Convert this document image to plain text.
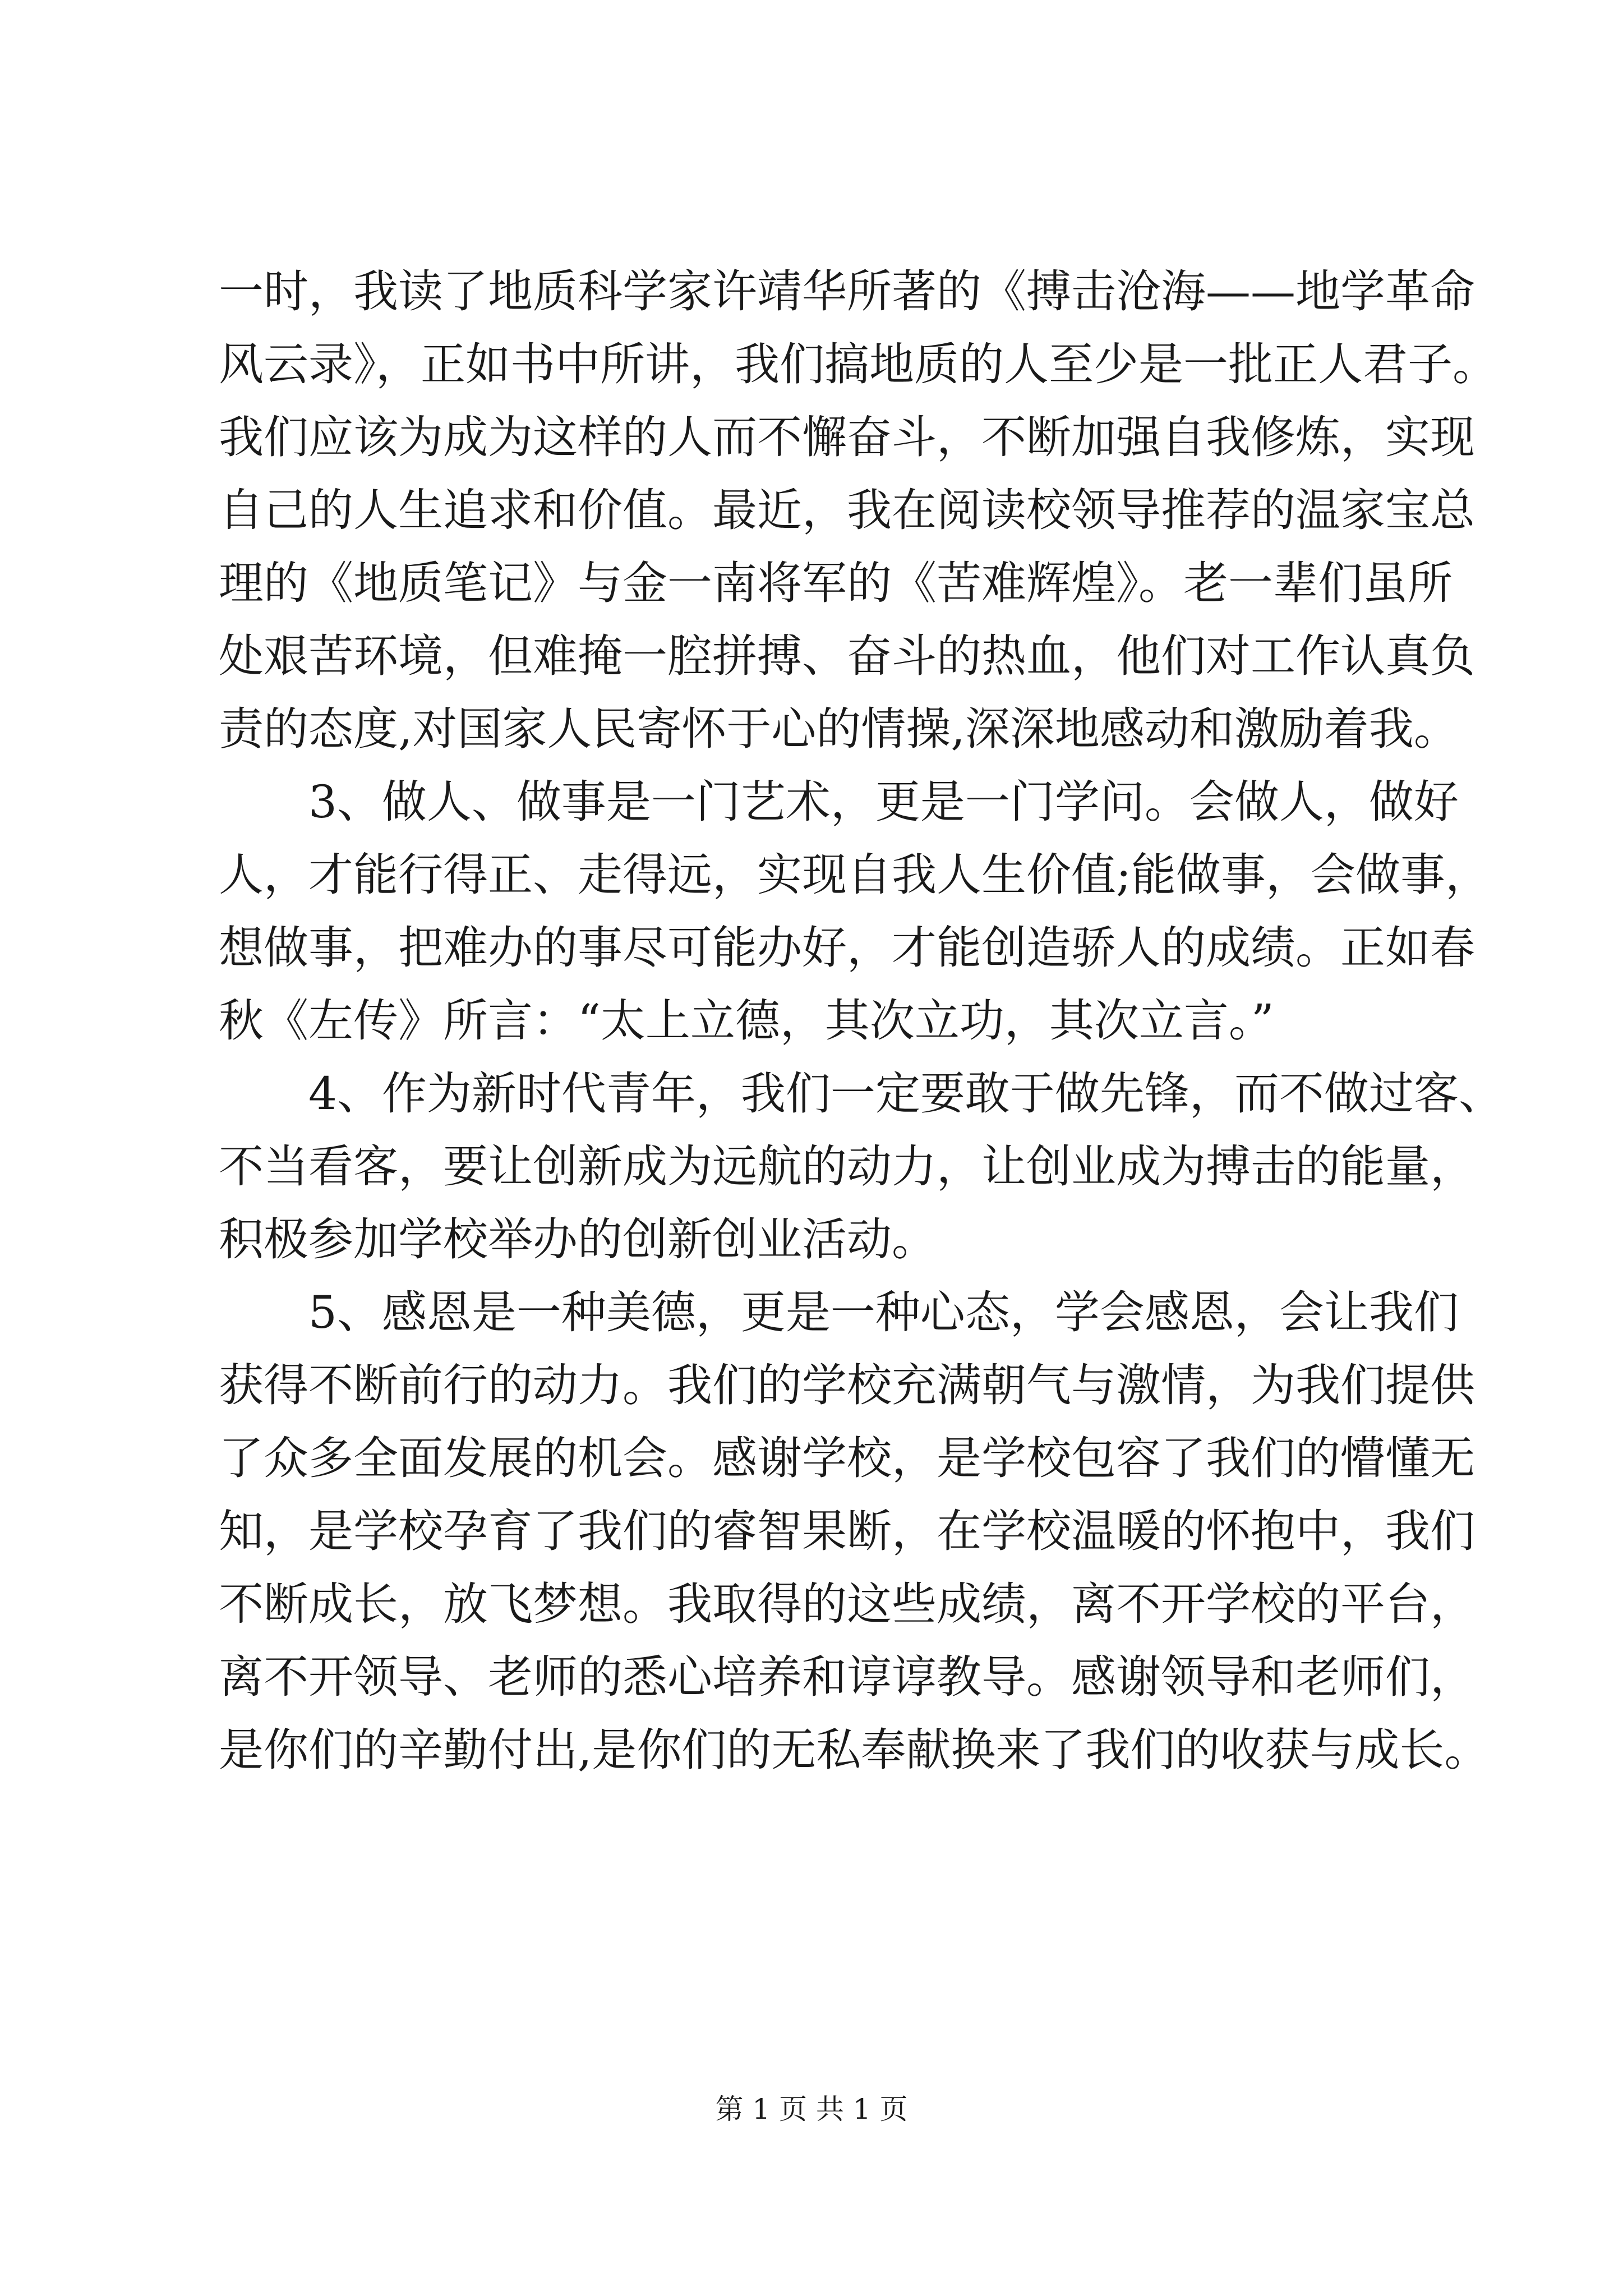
一时，我读了地质科学家许靖华所著的《搏击沧海——地学革命
风云录》，正如书中所讲，我们搞地质的人至少是一批正人君子。
我们应该为成为这样的人而不懈奋斗，不断加强自我修炼，实现
自己的人生追求和价值。最近，我在阅读校领导推荐的温家宝总
理的《地质笔记》与金一南将军的《苦难辉煌》。老一辈们虽所
处艰苦环境，但难掩一腔拼搏、奋斗的热血，他们对工作认真负
责的态度,对国家人民寄怀于心的情操,深深地感动和激励着我。
3、做人、做事是一门艺术，更是一门学问。会做人，做好
人，才能行得正、走得远，实现自我人生价值;能做事，会做事，
想做事，把难办的事尽可能办好，才能创造骄人的成绩。正如春
秋《左传》所言：“太上立德，其次立功，其次立言。”
4、作为新时代青年，我们一定要敢于做先锋，而不做过客、
不当看客，要让创新成为远航的动力，让创业成为搏击的能量，
积极参加学校举办的创新创业活动。
5、感恩是一种美德，更是一种心态，学会感恩，会让我们
获得不断前行的动力。我们的学校充满朝气与激情，为我们提供
了众多全面发展的机会。感谢学校，是学校包容了我们的懵懂无
知，是学校孕育了我们的睿智果断，在学校温暖的怀抱中，我们
不断成长，放飞梦想。我取得的这些成绩，离不开学校的平台，
离不开领导、老师的悉心培养和谆谆教导。感谢领导和老师们，
是你们的辛勤付出,是你们的无私奉献换来了我们的收获与成长。
第 1 页 共 1 页
